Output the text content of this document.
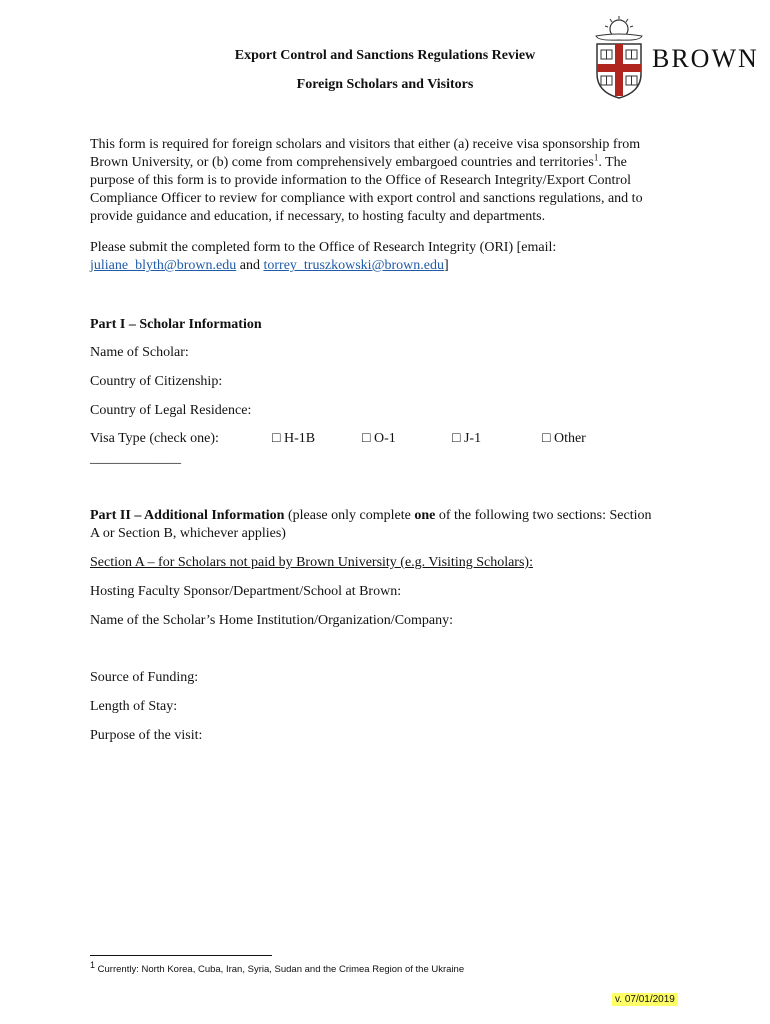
Export Control and Sanctions Regulations Review
Foreign Scholars and Visitors
BROWN
This form is required for foreign scholars and visitors that either (a) receive visa sponsorship from
Brown University, or (b) come from comprehensively embargoed countries and territories$^1$. The
purpose of this form is to provide information to the Office of Research Integrity/Export Control
Compliance Officer to review for compliance with export control and sanctions regulations, and to
provide guidance and education, if necessary, to hosting faculty and departments.
Please submit the completed form to the Office of Research Integrity (ORI) [email:
juliane_blyth@brown.edu and torrey_truszkowski@brown.edu]
Part I – Scholar Information
Name of Scholar:
Country of Citizenship:
Country of Legal Residence:
Visa Type (check one):	□ H-1B	□ O-1	□ J-1	□ Other
_____________
Part II – Additional Information (please only complete one of the following two sections: Section
A or Section B, whichever applies)
Section A – for Scholars not paid by Brown University (e.g. Visiting Scholars):
Hosting Faculty Sponsor/Department/School at Brown:
Name of the Scholar’s Home Institution/Organization/Company:
Source of Funding:
Length of Stay:
Purpose of the visit:
1 Currently: North Korea, Cuba, Iran, Syria, Sudan and the Crimea Region of the Ukraine
v. 07/01/2019
